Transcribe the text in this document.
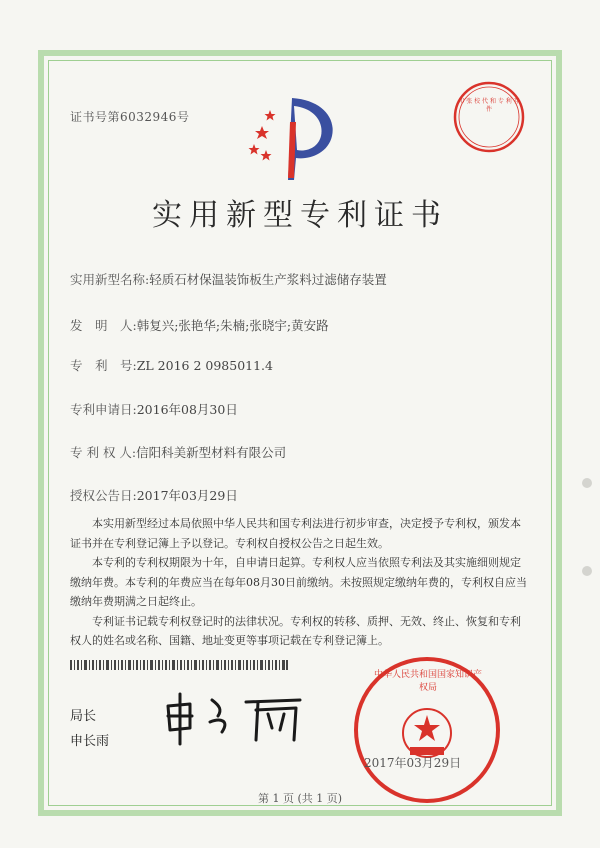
证书号第6032946号
印 张 校 代 和 专 利 存 件
实用新型专利证书
实用新型名称:轻质石材保温装饰板生产浆料过滤储存装置
发　明　人:韩复兴;张艳华;朱楠;张晓宇;黄安路
专　利　号:ZL 2016 2 0985011.4
专利申请日:2016年08月30日
专 利 权 人:信阳科美新型材料有限公司
授权公告日:2017年03月29日

本实用新型经过本局依照中华人民共和国专利法进行初步审查，决定授予专利权，颁发本证书并在专利登记簿上予以登记。专利权自授权公告之日起生效。

本专利的专利权期限为十年，自申请日起算。专利权人应当依照专利法及其实施细则规定缴纳年费。本专利的年费应当在每年08月30日前缴纳。未按照规定缴纳年费的，专利权自应当缴纳年费期满之日起终止。

专利证书记载专利权登记时的法律状况。专利权的转移、质押、无效、终止、恢复和专利权人的姓名或名称、国籍、地址变更等事项记载在专利登记簿上。

局长
申长雨
中华人民共和国国家知识产权局
2017年03月29日
第 1 页 (共 1 页)
